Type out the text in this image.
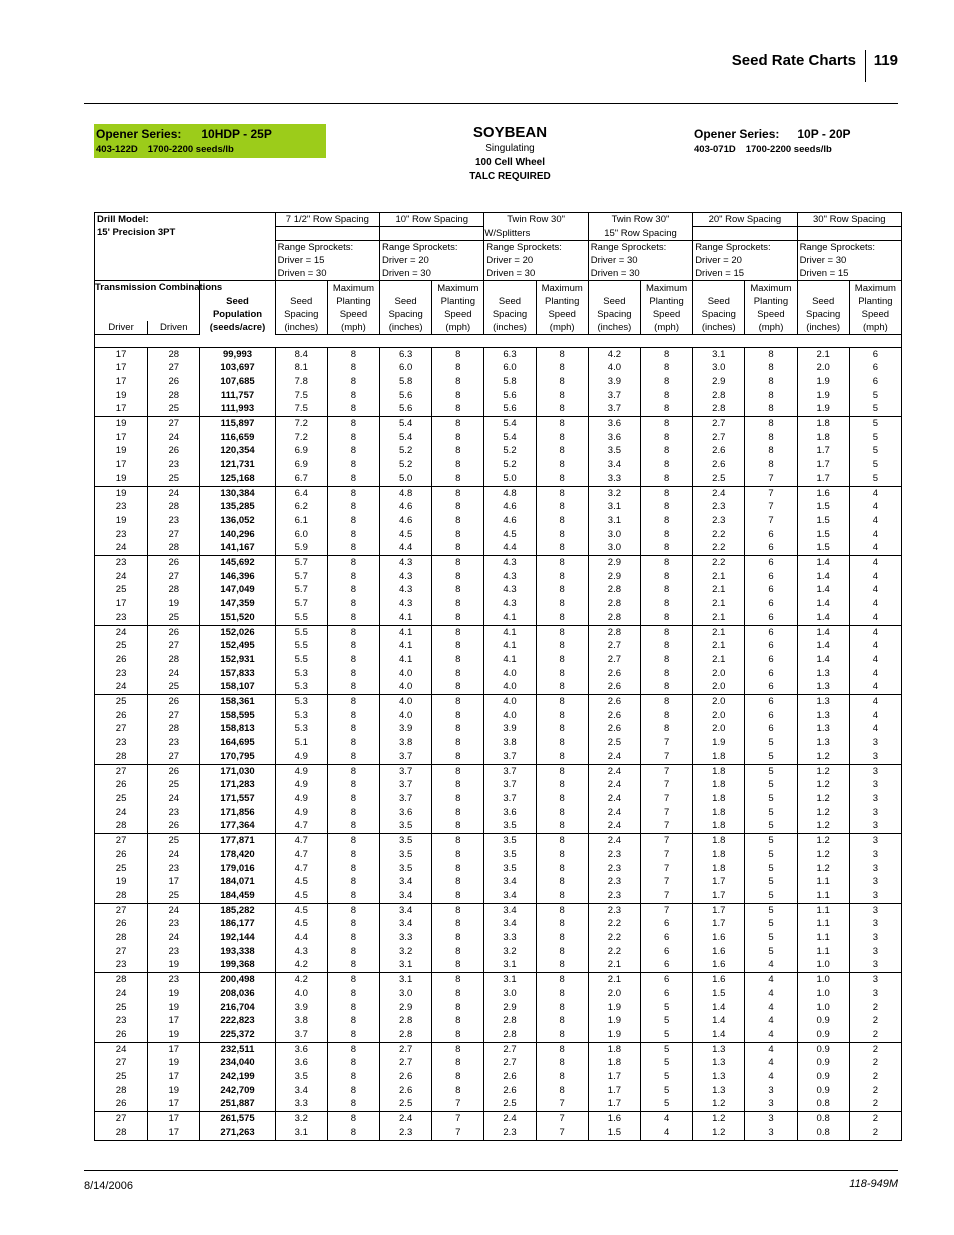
Seed Rate Charts 119
Opener Series: 10HDP - 25P
403-122D 1700-2200 seeds/lb
SOYBEAN
Singulating
100 Cell Wheel
TALC REQUIRED
Opener Series: 10P - 20P
403-071D 1700-2200 seeds/lb
Drill Model:
15' Precision 3PT			7 1/2" Row Spacing		10" Row Spacing		Twin Row 30"		Twin Row 30"		20" Row Spacing		30" Row Spacing	
							W/Splitters		15" Row Spacing					
			Range Sprockets:		Range Sprockets:		Range Sprockets:		Range Sprockets:		Range Sprockets:		Range Sprockets:	
			Driver = 15		Driver = 20		Driver = 20		Driver = 30		Driver = 20		Driver = 30	
			Driven = 30		Driven = 30		Driven = 30		Driven = 30		Driven = 15		Driven = 15	
Transmission Combinations		Seed Population (seeds/acre)	Seed Spacing (inches)	Maximum Planting Speed (mph)	Seed Spacing (inches)	Maximum Planting Speed (mph)	Seed Spacing (inches)	Maximum Planting Speed (mph)	Seed Spacing (inches)	Maximum Planting Speed (mph)	Seed Spacing (inches)	Maximum Planting Speed (mph)	Seed Spacing (inches)	Maximum Planting Speed (mph)
Driver	Driven													

17	28	99,993	8.4	8	6.3	8	6.3	8	4.2	8	3.1	8	2.1	6
17	27	103,697	8.1	8	6.0	8	6.0	8	4.0	8	3.0	8	2.0	6
17	26	107,685	7.8	8	5.8	8	5.8	8	3.9	8	2.9	8	1.9	6
19	28	111,757	7.5	8	5.6	8	5.6	8	3.7	8	2.8	8	1.9	5
17	25	111,993	7.5	8	5.6	8	5.6	8	3.7	8	2.8	8	1.9	5
19	27	115,897	7.2	8	5.4	8	5.4	8	3.6	8	2.7	8	1.8	5
17	24	116,659	7.2	8	5.4	8	5.4	8	3.6	8	2.7	8	1.8	5
19	26	120,354	6.9	8	5.2	8	5.2	8	3.5	8	2.6	8	1.7	5
17	23	121,731	6.9	8	5.2	8	5.2	8	3.4	8	2.6	8	1.7	5
19	25	125,168	6.7	8	5.0	8	5.0	8	3.3	8	2.5	7	1.7	5
19	24	130,384	6.4	8	4.8	8	4.8	8	3.2	8	2.4	7	1.6	4
23	28	135,285	6.2	8	4.6	8	4.6	8	3.1	8	2.3	7	1.5	4
19	23	136,052	6.1	8	4.6	8	4.6	8	3.1	8	2.3	7	1.5	4
23	27	140,296	6.0	8	4.5	8	4.5	8	3.0	8	2.2	6	1.5	4
24	28	141,167	5.9	8	4.4	8	4.4	8	3.0	8	2.2	6	1.5	4
23	26	145,692	5.7	8	4.3	8	4.3	8	2.9	8	2.2	6	1.4	4
24	27	146,396	5.7	8	4.3	8	4.3	8	2.9	8	2.1	6	1.4	4
25	28	147,049	5.7	8	4.3	8	4.3	8	2.8	8	2.1	6	1.4	4
17	19	147,359	5.7	8	4.3	8	4.3	8	2.8	8	2.1	6	1.4	4
23	25	151,520	5.5	8	4.1	8	4.1	8	2.8	8	2.1	6	1.4	4
24	26	152,026	5.5	8	4.1	8	4.1	8	2.8	8	2.1	6	1.4	4
25	27	152,495	5.5	8	4.1	8	4.1	8	2.7	8	2.1	6	1.4	4
26	28	152,931	5.5	8	4.1	8	4.1	8	2.7	8	2.1	6	1.4	4
23	24	157,833	5.3	8	4.0	8	4.0	8	2.6	8	2.0	6	1.3	4
24	25	158,107	5.3	8	4.0	8	4.0	8	2.6	8	2.0	6	1.3	4
25	26	158,361	5.3	8	4.0	8	4.0	8	2.6	8	2.0	6	1.3	4
26	27	158,595	5.3	8	4.0	8	4.0	8	2.6	8	2.0	6	1.3	4
27	28	158,813	5.3	8	3.9	8	3.9	8	2.6	8	2.0	6	1.3	4
23	23	164,695	5.1	8	3.8	8	3.8	8	2.5	7	1.9	5	1.3	3
28	27	170,795	4.9	8	3.7	8	3.7	8	2.4	7	1.8	5	1.2	3
27	26	171,030	4.9	8	3.7	8	3.7	8	2.4	7	1.8	5	1.2	3
26	25	171,283	4.9	8	3.7	8	3.7	8	2.4	7	1.8	5	1.2	3
25	24	171,557	4.9	8	3.7	8	3.7	8	2.4	7	1.8	5	1.2	3
24	23	171,856	4.9	8	3.6	8	3.6	8	2.4	7	1.8	5	1.2	3
28	26	177,364	4.7	8	3.5	8	3.5	8	2.4	7	1.8	5	1.2	3
27	25	177,871	4.7	8	3.5	8	3.5	8	2.4	7	1.8	5	1.2	3
26	24	178,420	4.7	8	3.5	8	3.5	8	2.3	7	1.8	5	1.2	3
25	23	179,016	4.7	8	3.5	8	3.5	8	2.3	7	1.8	5	1.2	3
19	17	184,071	4.5	8	3.4	8	3.4	8	2.3	7	1.7	5	1.1	3
28	25	184,459	4.5	8	3.4	8	3.4	8	2.3	7	1.7	5	1.1	3
27	24	185,282	4.5	8	3.4	8	3.4	8	2.3	7	1.7	5	1.1	3
26	23	186,177	4.5	8	3.4	8	3.4	8	2.2	6	1.7	5	1.1	3
28	24	192,144	4.4	8	3.3	8	3.3	8	2.2	6	1.6	5	1.1	3
27	23	193,338	4.3	8	3.2	8	3.2	8	2.2	6	1.6	5	1.1	3
23	19	199,368	4.2	8	3.1	8	3.1	8	2.1	6	1.6	4	1.0	3
28	23	200,498	4.2	8	3.1	8	3.1	8	2.1	6	1.6	4	1.0	3
24	19	208,036	4.0	8	3.0	8	3.0	8	2.0	6	1.5	4	1.0	3
25	19	216,704	3.9	8	2.9	8	2.9	8	1.9	5	1.4	4	1.0	2
23	17	222,823	3.8	8	2.8	8	2.8	8	1.9	5	1.4	4	0.9	2
26	19	225,372	3.7	8	2.8	8	2.8	8	1.9	5	1.4	4	0.9	2
24	17	232,511	3.6	8	2.7	8	2.7	8	1.8	5	1.3	4	0.9	2
27	19	234,040	3.6	8	2.7	8	2.7	8	1.8	5	1.3	4	0.9	2
25	17	242,199	3.5	8	2.6	8	2.6	8	1.7	5	1.3	4	0.9	2
28	19	242,709	3.4	8	2.6	8	2.6	8	1.7	5	1.3	3	0.9	2
26	17	251,887	3.3	8	2.5	7	2.5	7	1.7	5	1.2	3	0.8	2
27	17	261,575	3.2	8	2.4	7	2.4	7	1.6	4	1.2	3	0.8	2
28	17	271,263	3.1	8	2.3	7	2.3	7	1.5	4	1.2	3	0.8	2
8/14/2006	118-949M
